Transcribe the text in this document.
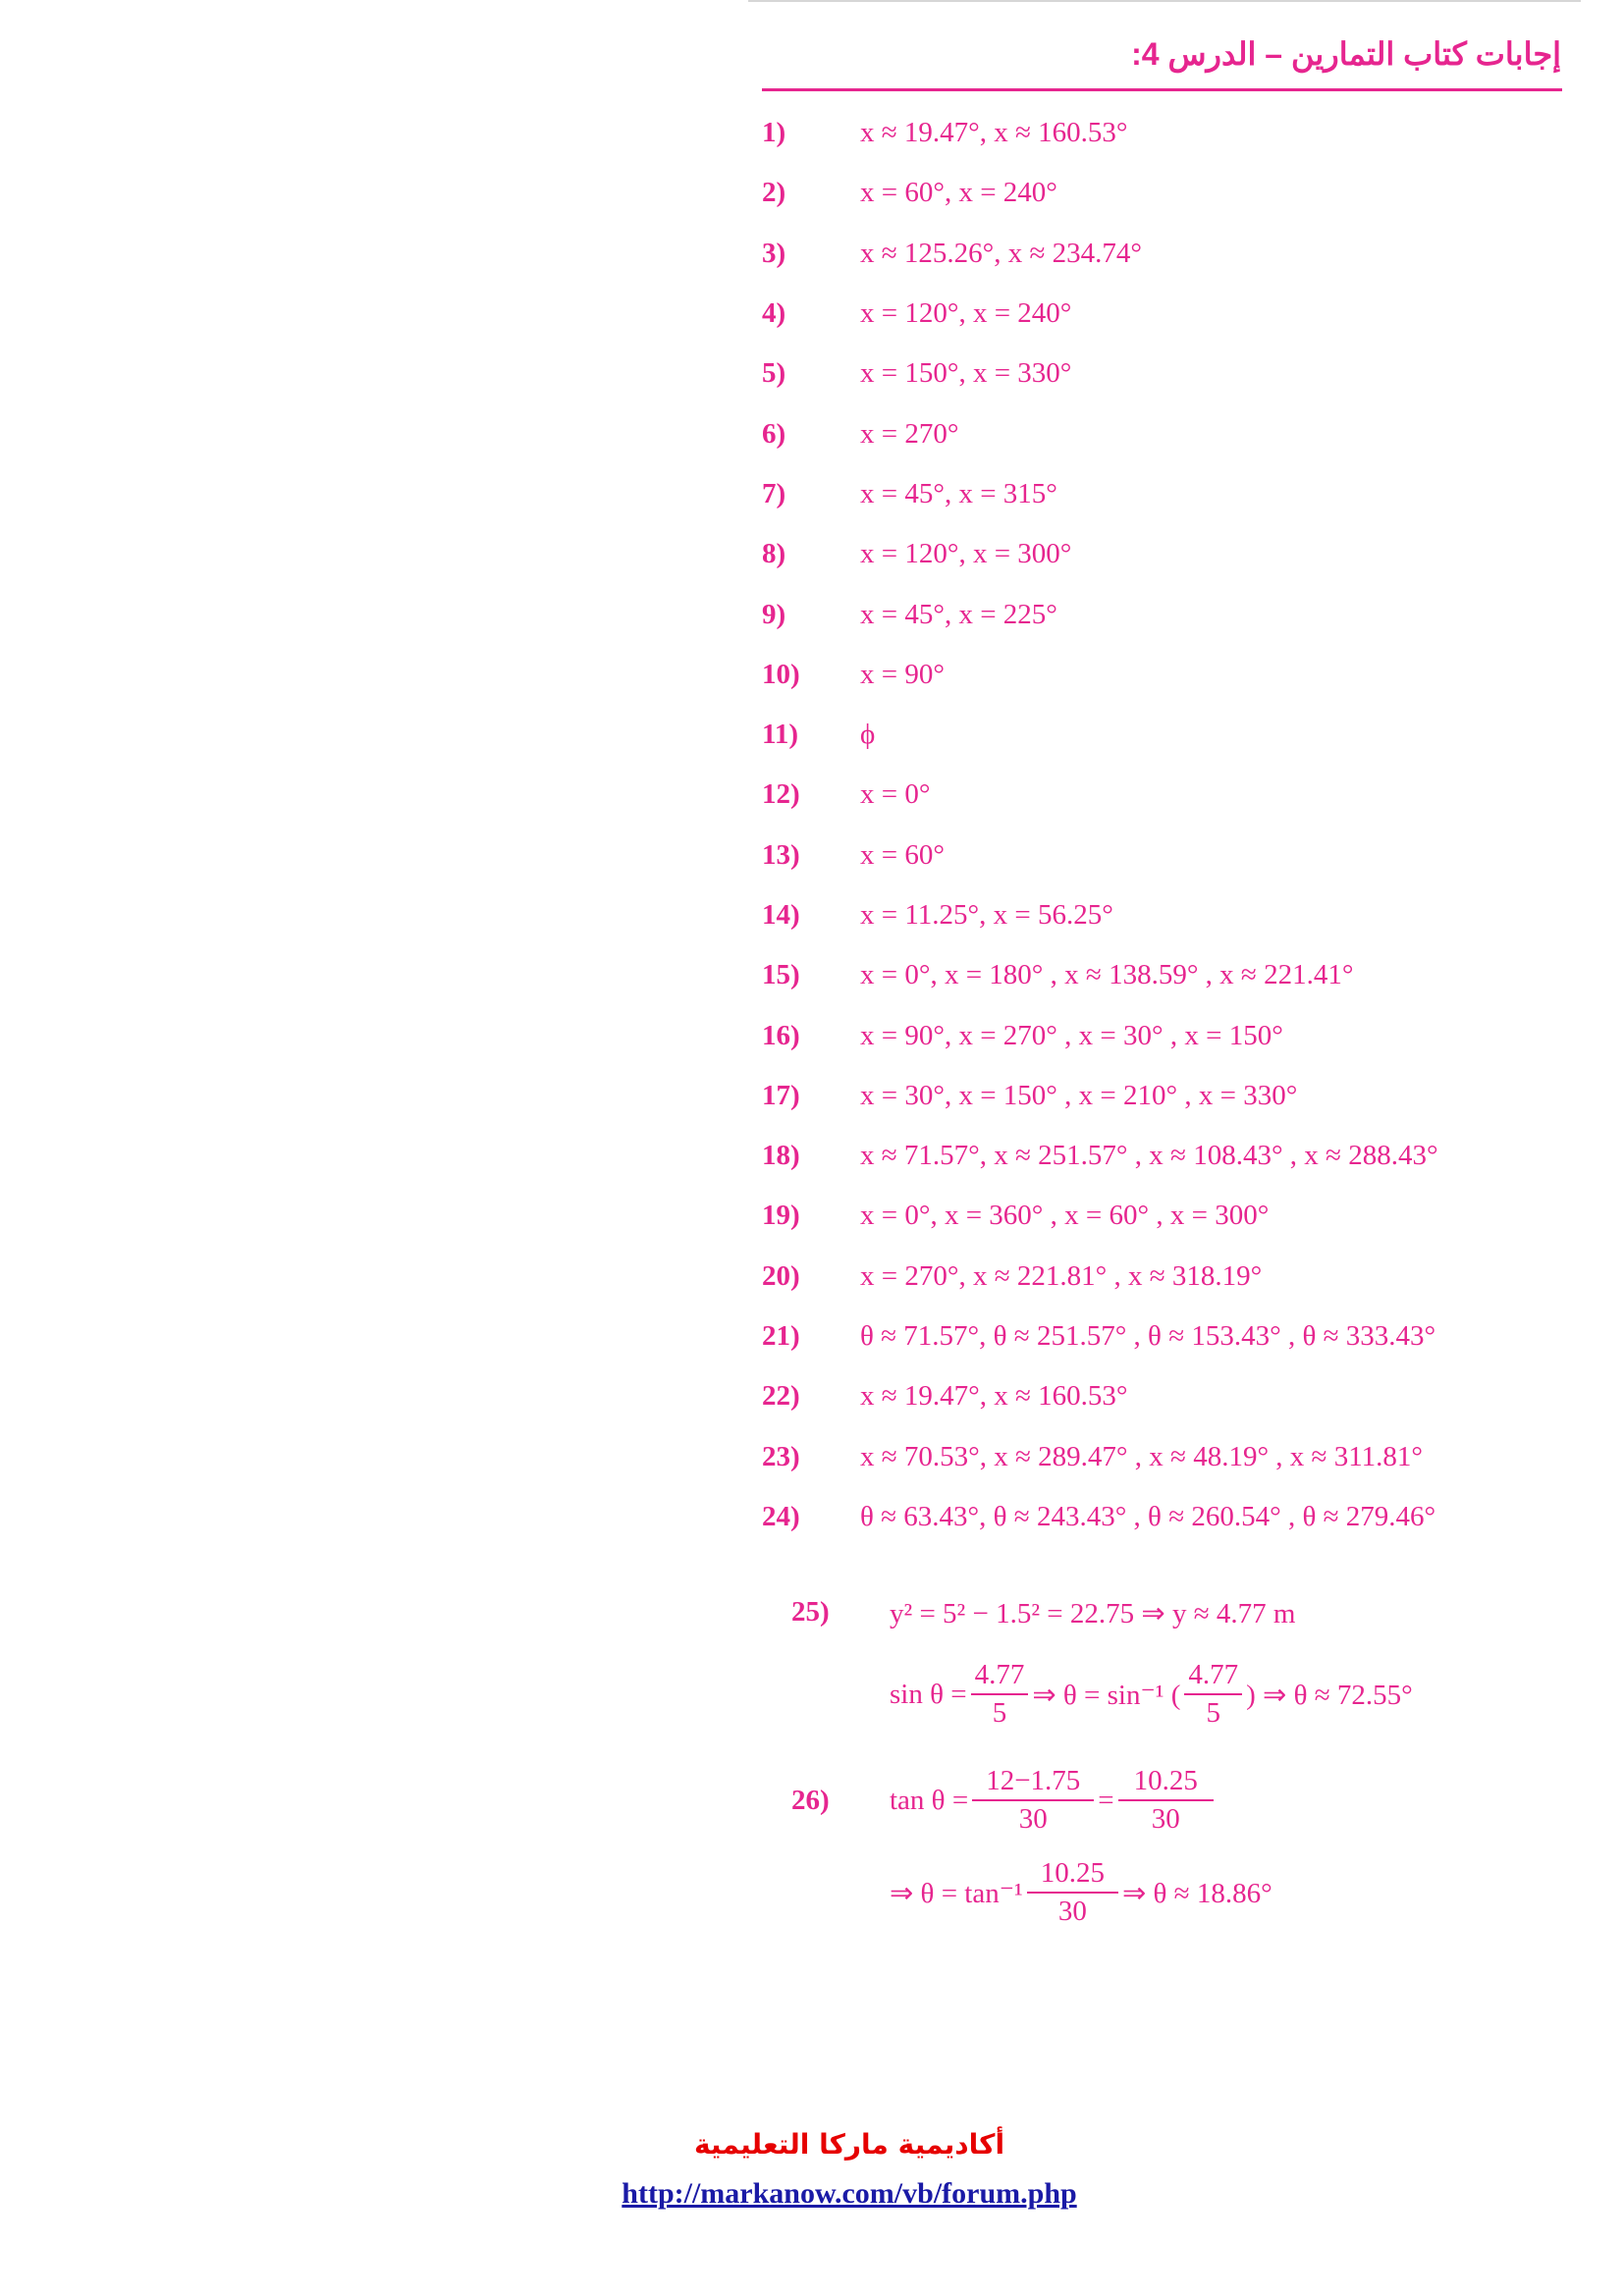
إجابات كتاب التمارين – الدرس 4:
1)	x ≈ 19.47°, x ≈ 160.53°
2)	x = 60°, x = 240°
3)	x ≈ 125.26°, x ≈ 234.74°
4)	x = 120°, x = 240°
5)	x = 150°, x = 330°
6)	x = 270°
7)	x = 45°, x = 315°
8)	x = 120°, x = 300°
9)	x = 45°, x = 225°
10)	x = 90°
11)	ϕ
12)	x = 0°
13)	x = 60°
14)	x = 11.25°, x = 56.25°
15)	x = 0°, x = 180° , x ≈ 138.59° , x ≈ 221.41°
16)	x = 90°, x = 270° , x = 30° , x = 150°
17)	x = 30°, x = 150° , x = 210° , x = 330°
18)	x ≈ 71.57°, x ≈ 251.57° , x ≈ 108.43° , x ≈ 288.43°
19)	x = 0°, x = 360° , x = 60° , x = 300°
20)	x = 270°, x ≈ 221.81° , x ≈ 318.19°
21)	θ ≈ 71.57°, θ ≈ 251.57° , θ ≈ 153.43° , θ ≈ 333.43°
22)	x ≈ 19.47°, x ≈ 160.53°
23)	x ≈ 70.53°, x ≈ 289.47° , x ≈ 48.19° , x ≈ 311.81°
24)	θ ≈ 63.43°, θ ≈ 243.43° , θ ≈ 260.54° , θ ≈ 279.46°
25) y² = 5² − 1.5² = 22.75 ⇒ y ≈ 4.77 m
$\sin \theta = \frac{4.77}{5}$ ⇒ θ = sin⁻¹ ( $\frac{4.77}{5}$ ) ⇒ θ ≈ 72.55°
26) $\tan \theta = \frac{12-1.75}{30} = \frac{10.25}{30}$
⇒ $\theta = \tan^{-1} \frac{10.25}{30}$ ⇒ θ ≈ 18.86°
أكاديمية ماركا التعليمية
http://markanow.com/vb/forum.php
